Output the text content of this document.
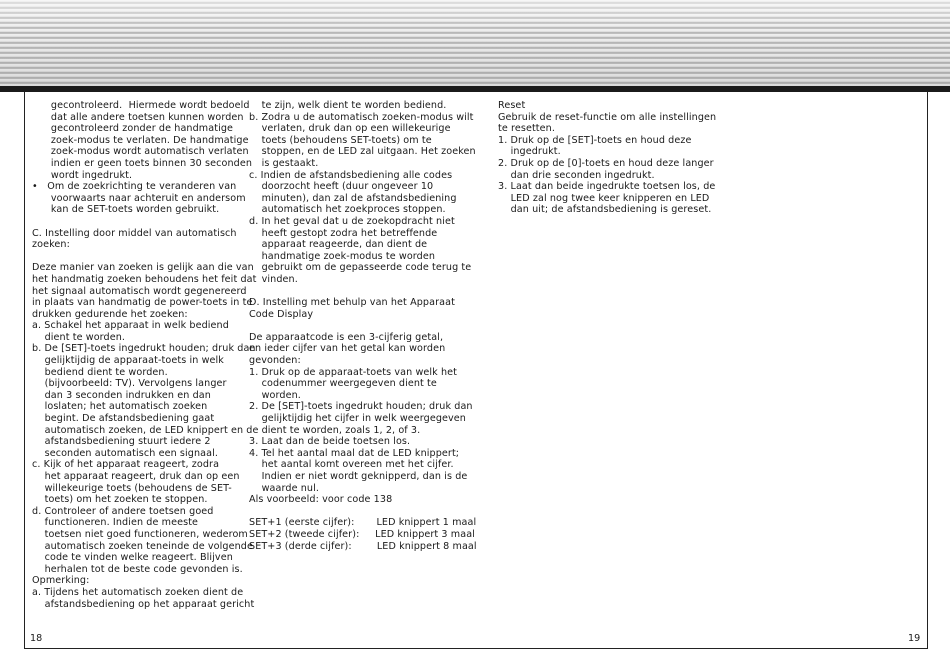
gecontroleerd.  Hiermede wordt bedoeld
dat alle andere toetsen kunnen worden
gecontroleerd zonder de handmatige
zoek-modus te verlaten. De handmatige
zoek-modus wordt automatisch verlaten
indien er geen toets binnen 30 seconden
wordt ingedrukt.
•   Om de zoekrichting te veranderen van
voorwaarts naar achteruit en andersom
kan de SET-toets worden gebruikt.
C. Instelling door middel van automatisch
zoeken:
Deze manier van zoeken is gelijk aan die van
het handmatig zoeken behoudens het feit dat
het signaal automatisch wordt gegenereerd
in plaats van handmatig de power-toets in te
drukken gedurende het zoeken:
a. Schakel het apparaat in welk bediend
dient te worden.
b. De [SET]-toets ingedrukt houden; druk dan
gelijktijdig de apparaat-toets in welk
bediend dient te worden.
(bijvoorbeeld: TV). Vervolgens langer
dan 3 seconden indrukken en dan
loslaten; het automatisch zoeken
begint. De afstandsbediening gaat
automatisch zoeken, de LED knippert en de
afstandsbediening stuurt iedere 2
seconden automatisch een signaal.
c. Kijk of het apparaat reageert, zodra
het apparaat reageert, druk dan op een
willekeurige toets (behoudens de SET-
toets) om het zoeken te stoppen.
d. Controleer of andere toetsen goed
functioneren. Indien de meeste
toetsen niet goed functioneren, wederom
automatisch zoeken teneinde de volgende
code te vinden welke reageert. Blijven
herhalen tot de beste code gevonden is.
Opmerking:
a. Tijdens het automatisch zoeken dient de
afstandsbediening op het apparaat gericht
te zijn, welk dient te worden bediend.
b. Zodra u de automatisch zoeken-modus wilt
verlaten, druk dan op een willekeurige
toets (behoudens SET-toets) om te
stoppen, en de LED zal uitgaan. Het zoeken
is gestaakt.
c. Indien de afstandsbediening alle codes
doorzocht heeft (duur ongeveer 10
minuten), dan zal de afstandsbediening
automatisch het zoekproces stoppen.
d. In het geval dat u de zoekopdracht niet
heeft gestopt zodra het betreffende
apparaat reageerde, dan dient de
handmatige zoek-modus te worden
gebruikt om de gepasseerde code terug te
vinden.
D. Instelling met behulp van het Apparaat
Code Display
De apparaatcode is een 3-cijferig getal,
en ieder cijfer van het getal kan worden
gevonden:
1. Druk op de apparaat-toets van welk het
codenummer weergegeven dient te
worden.
2. De [SET]-toets ingedrukt houden; druk dan
gelijktijdig het cijfer in welk weergegeven
dient te worden, zoals 1, 2, of 3.
3. Laat dan de beide toetsen los.
4. Tel het aantal maal dat de LED knippert;
het aantal komt overeen met het cijfer.
Indien er niet wordt geknipperd, dan is de
waarde nul.
Als voorbeeld: voor code 138
SET+1 (eerste cijfer):       LED knippert 1 maal
SET+2 (tweede cijfer):     LED knippert 3 maal
SET+3 (derde cijfer):        LED knippert 8 maal
Reset
Gebruik de reset-functie om alle instellingen
te resetten.
1. Druk op de [SET]-toets en houd deze
ingedrukt.
2. Druk op de [0]-toets en houd deze langer
dan drie seconden ingedrukt.
3. Laat dan beide ingedrukte toetsen los, de
LED zal nog twee keer knipperen en LED
dan uit; de afstandsbediening is gereset.
18	19
